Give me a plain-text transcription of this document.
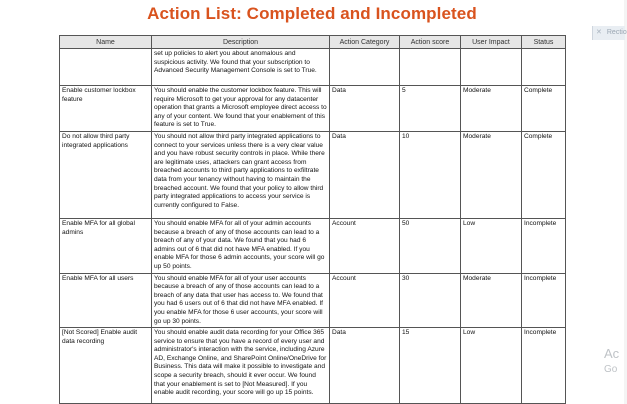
Action List: Completed and Incompleted
Name	Description	Action Category	Action score	User Impact	Status
	set up policies to alert you about anomalous and suspicious activity. We found that your subscription to Advanced Security Management Console is set to True.				
Enable customer lockbox feature	You should enable the customer lockbox feature. This will require Microsoft to get your approval for any datacenter operation that grants a Microsoft employee direct access to any of your content. We found that your enablement of this feature is set to True.	Data	5	Moderate	Complete
Do not allow third party integrated applications	You should not allow third party integrated applications to connect to your services unless there is a very clear value and you have robust security controls in place. While there are legitimate uses, attackers can grant access from breached accounts to third party applications to exfiltrate data from your tenancy without having to maintain the breached account. We found that your policy to allow third party integrated applications to access your service is currently configured to False.	Data	10	Moderate	Complete
Enable MFA for all global admins	You should enable MFA for all of your admin accounts because a breach of any of those accounts can lead to a breach of any of your data. We found that you had 6 admins out of 6 that did not have MFA enabled. If you enable MFA for those 6 admin accounts, your score will go up 50 points.	Account	50	Low	Incomplete
Enable MFA for all users	You should enable MFA for all of your user accounts because a breach of any of those accounts can lead to a breach of any data that user has access to. We found that you had 6 users out of 6 that did not have MFA enabled. If you enable MFA for those 6 user accounts, your score will go up 30 points.	Account	30	Moderate	Incomplete
[Not Scored] Enable audit data recording	You should enable audit data recording for your Office 365 service to ensure that you have a record of every user and administrator's interaction with the service, including Azure AD, Exchange Online, and SharePoint Online/OneDrive for Business. This data will make it possible to investigate and scope a security breach, should it ever occur. We found that your enablement is set to [Not Measured]. If you enable audit recording, your score will go up 15 points.	Data	15	Low	Incomplete
✕ Rectio
Ac
Go
